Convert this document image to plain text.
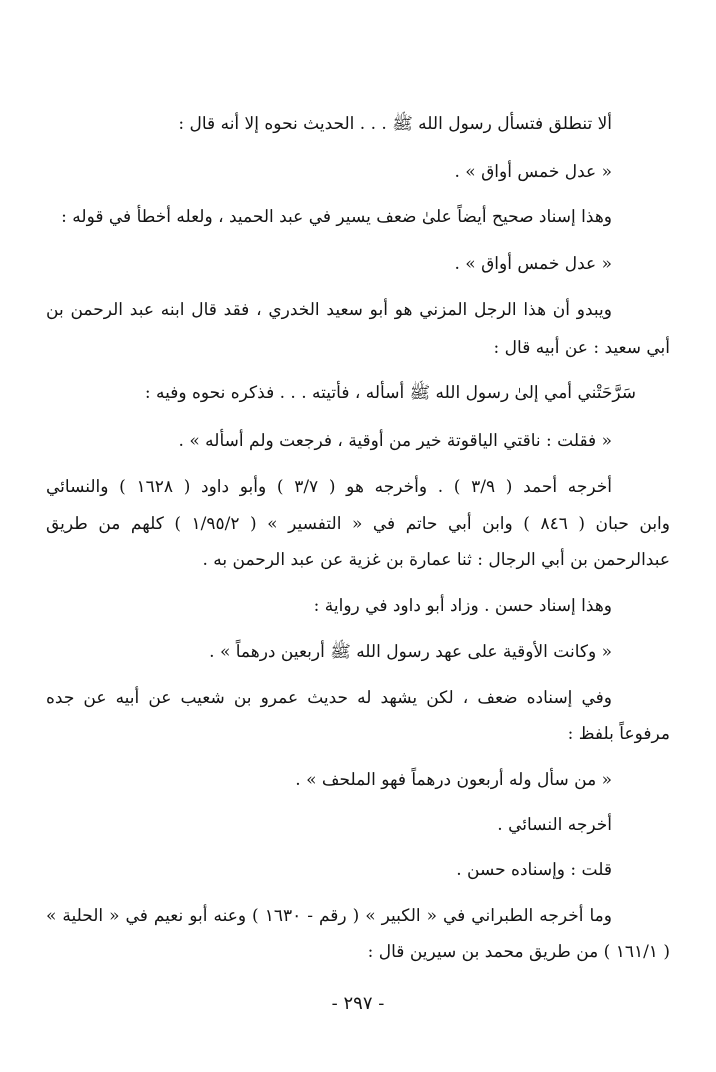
ألا تنطلق فتسأل رسول الله ﷺ . . . الحديث نحوه إلا أنه قال :

« عدل خمس أواق » .

وهذا إسناد صحيح أيضاً علىٰ ضعف يسير في عبد الحميد ، ولعله أخطأ في قوله :

« عدل خمس أواق » .

ويبدو أن هذا الرجل المزني هو أبو سعيد الخدري ، فقد قال ابنه عبد الرحمن بن

أبي سعيد : عن أبيه قال :

سَرَّحَتْني أمي إلىٰ رسول الله ﷺ أسأله ، فأتيته . . . فذكره نحوه وفيه :

« فقلت : ناقتي الياقوتة خير من أوقية ، فرجعت ولم أسأله » .

أخرجه أحمد ( ٣/٩ ) . وأخرجه هو ( ٣/٧ ) وأبو داود ( ١٦٢٨ ) والنسائي

وابن حبان ( ٨٤٦ ) وابن أبي حاتم في « التفسير » ( ١/٩٥/٢ ) كلهم من طريق

عبدالرحمن بن أبي الرجال : ثنا عمارة بن غزية عن عبد الرحمن به .

وهذا إسناد حسن . وزاد أبو داود في رواية :

« وكانت الأوقية على عهد رسول الله ﷺ أربعين درهماً » .

وفي إسناده ضعف ، لكن يشهد له حديث عمرو بن شعيب عن أبيه عن جده

مرفوعاً بلفظ :

« من سأل وله أربعون درهماً فهو الملحف » .

أخرجه النسائي .

قلت : وإسناده حسن .

وما أخرجه الطبراني في « الكبير » ( رقم - ١٦٣٠ ) وعنه أبو نعيم في « الحلية »

( ١٦١/١ ) من طريق محمد بن سيرين قال :

- ٢٩٧ -
